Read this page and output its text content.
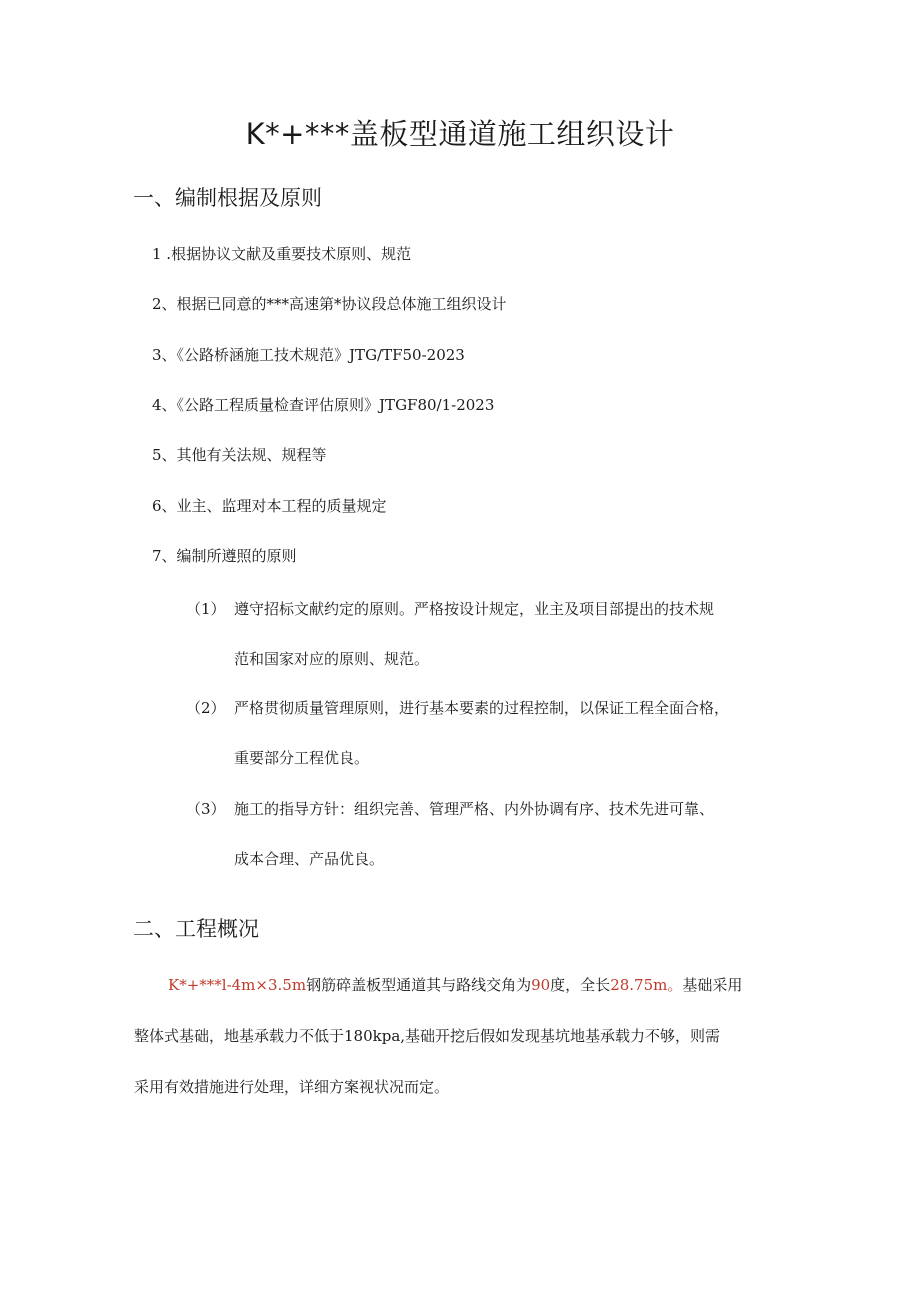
K*+***盖板型通道施工组织设计
一、编制根据及原则

1 .根据协议文献及重要技术原则、规范

2、根据已同意的***高速第*协议段总体施工组织设计

3、《公路桥涵施工技术规范》JTG/TF50-2023

4、《公路工程质量检查评估原则》JTGF80/1-2023

5、其他有关法规、规程等

6、业主、监理对本工程的质量规定

7、编制所遵照的原则

（1） 遵守招标文献约定的原则。严格按设计规定，业主及项目部提出的技术规
范和国家对应的原则、规范。
（2） 严格贯彻质量管理原则，进行基本要素的过程控制，以保证工程全面合格，
重要部分工程优良。
（3） 施工的指导方针：组织完善、管理严格、内外协调有序、技术先进可靠、
成本合理、产品优良。
二、工程概况
K*+***l-4m×3.5m钢筋碎盖板型通道其与路线交角为90度，全长28.75m。基础采用
整体式基础，地基承载力不低于180kpa,基础开挖后假如发现基坑地基承载力不够，则需
采用有效措施进行处理，详细方案视状况而定。
